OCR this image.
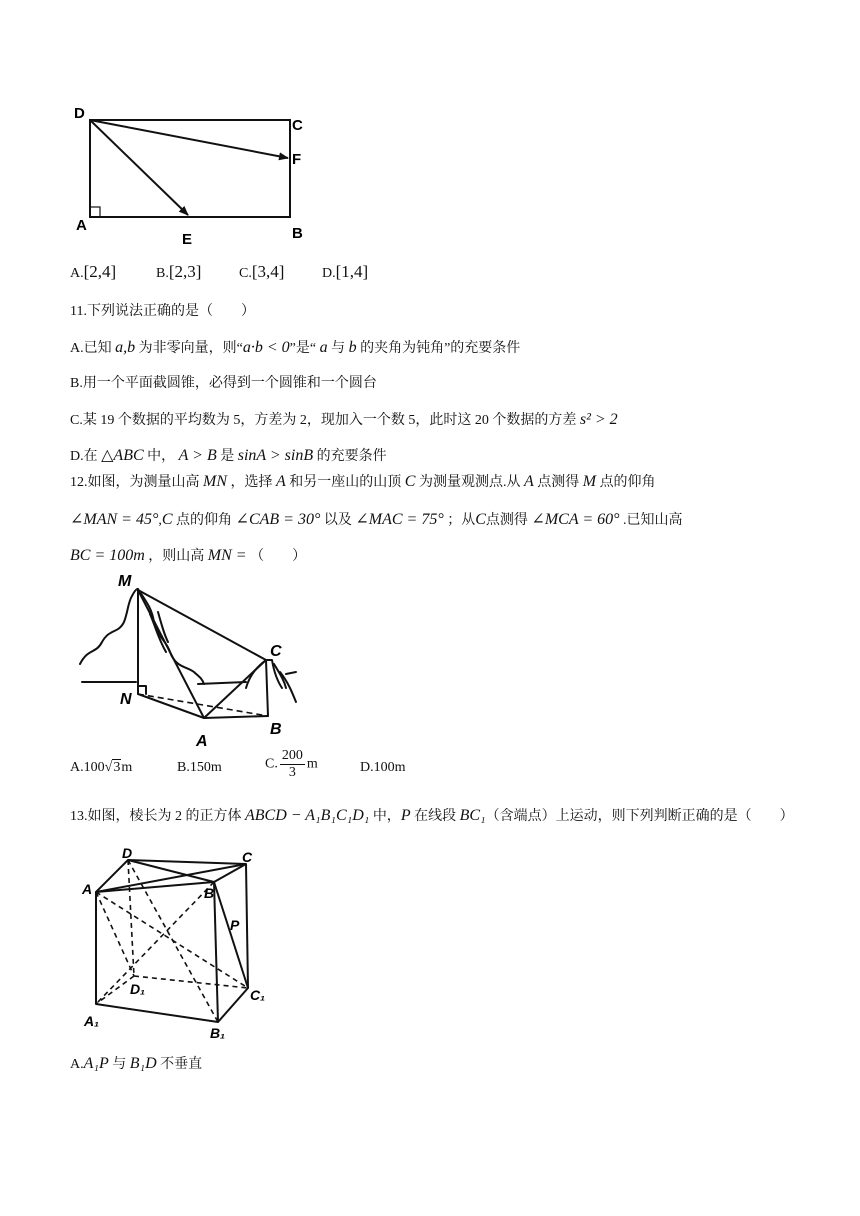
D
C
F
A
E	B
A.[2,4]	B.[2,3]	C.[3,4]	D.[1,4]
11.下列说法正确的是（　　）
A.已知 a,b 为非零向量，则“a·b < 0”是“ a 与 b 的夹角为钝角”的充要条件
B.用一个平面截圆锥，必得到一个圆锥和一个圆台
C.某 19 个数据的平均数为 5，方差为 2，现加入一个数 5，此时这 20 个数据的方差 s² > 2
D.在 △ABC 中， A > B 是 sinA > sinB 的充要条件
12.如图，为测量山高 MN ，选择 A 和另一座山的山顶 C 为测量观测点.从 A 点测得 M 点的仰角
∠MAN = 45°,C 点的仰角 ∠CAB = 30° 以及 ∠MAC = 75° ；从C点测得 ∠MCA = 60° .已知山高
BC = 100m ，则山高 MN = （　　）
M
C
N
A
B
A.100√3m	B.150m	C. $\frac{200}{3}$ m	D.100m
13.如图，棱长为 2 的正方体 ABCD − A₁B₁C₁D₁ 中，P 在线段 BC₁（含端点）上运动，则下列判断正确的是（　　）
D	C
A	B
P
D₁	C₁
A₁
B₁
A.A₁P 与 B₁D 不垂直
